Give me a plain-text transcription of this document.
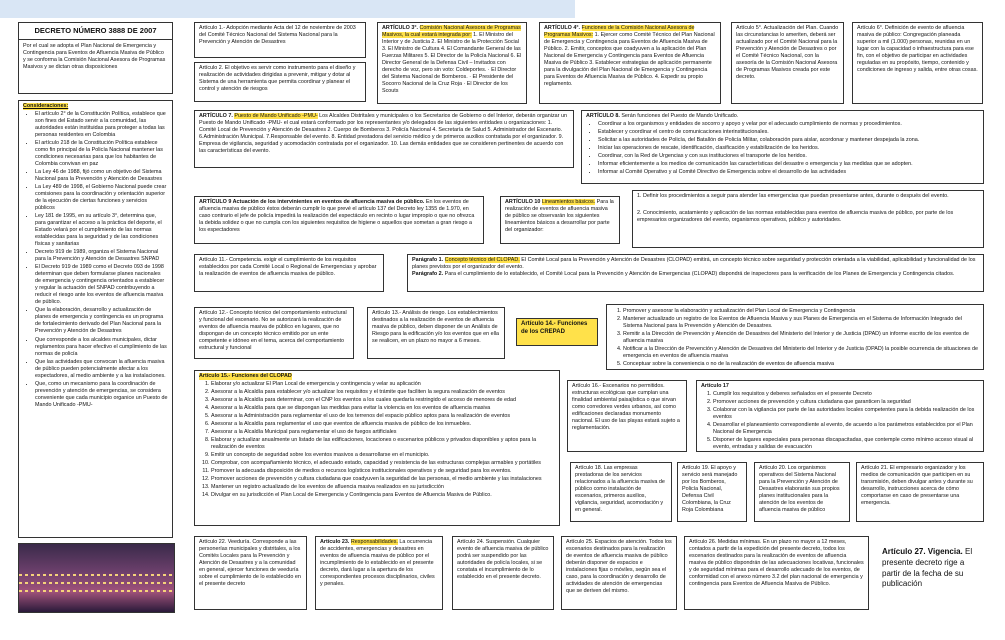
DECRETO NÚMERO 3888 DE 2007
Por el cual se adopta el Plan Nacional de Emergencia y Contingencia para Eventos de Afluencia Masiva de Público y se conforma la Comisión Nacional Asesora de Programas Masivos y se dictan otras disposiciones
Consideraciones:
• El artículo 2° de la Constitución Política, establece que son fines del Estado servir a la comunidad, las autoridades están instituidas para proteger a todas las personas residentes en Colombia
• El artículo 218 de la Constitución Política establece como fin principal de la Policía Nacional mantener las condiciones necesarias para que los habitantes de Colombia convivan en paz
• La Ley 46 de 1988, fijó como un objetivo del Sistema Nacional para la Prevención y Atención de Desastres
• La Ley 489 de 1998, el Gobierno Nacional puede crear comisiones para la coordinación y orientación superior de la ejecución de ciertas funciones y servicios públicos
• Ley 181 de 1995, en su artículo 3°, determina que, para garantizar el acceso a la práctica del deporte, el Estado velará por el cumplimiento de las normas establecidas para la seguridad y de las condiciones físicas y sanitarias
• Decreto 919 de 1989, organiza el Sistema Nacional para la Prevención y Atención de Desastres SNPAD
• El Decreto 919 de 1989 como el Decreto 093 de 1998 determinan que deben formularse planes nacionales de emergencia y contingencia orientados a establecer y regular la actuación del SNPAD contribuyendo a reducir el riesgo ante los eventos de afluencia masiva de público.
• Que la elaboración, desarrollo y actualización de planes de emergencia y contingencia es un programa de fortalecimiento derivado del Plan Nacional para la Prevención y Atención de Desastres
• Que corresponde a los alcaldes municipales, dictar reglamentos para hacer efectivo el cumplimiento de las normas de policía
• Que las actividades que convocan la afluencia masiva de público pueden potencialmente afectar a los espectadores, al medio ambiente y a las instalaciones.
• Que, como un mecanismo para la coordinación de prevención y atención de emergencias, se considera conveniente que cada municipio organice un Puesto de Mando Unificado -PMU-
Artículo 1.- Adopción mediante Acta del 12 de noviembre de 2003 del Comité Técnico Nacional del Sistema Nacional para la Prevención y Atención de Desastres
Artículo 2. El objetivo es servir como instrumento para el diseño y realización de actividades dirigidas a prevenir, mitigar y dotar al Sistema de una herramienta que permita coordinar y planear el control y atención de riesgos
ARTÍCULO 3°. Comisión Nacional Asesora de Programas Masivos, la cual estará integrada por: 1. El Ministro del Interior y de Justicia 2. El Ministro de la Protección Social 3. El Ministro de Cultura 4. El Comandante General de las Fuerzas Militares 5. El Director de la Policía Nacional 6. El Director General de la Defensa Civil – Invitados con derecho de voz, pero sin voto: Coldeportes. · El Director del Sistema Nacional de Bomberos. · El Presidente del Socorro Nacional de la Cruz Roja · El Director de los Scouts
ARTÍCULO 4°. Funciones de la Comisión Nacional Asesora de Programas Masivos: 1. Ejercer como Comité Técnico del Plan Nacional de Emergencia y Contingencia para Eventos de Afluencia Masiva de Público. 2. Emitir, conceptos que coadyuven a la aplicación del Plan Nacional de Emergencia y Contingencia para Eventos de Afluencia Masiva de Público 3. Establecer estrategias de aplicación permanente para la divulgación del Plan Nacional de Emergencia y Contingencia para Eventos de Afluencia Masiva de Público. 4. Expedir su propio reglamento.
Artículo 5°. Actualización del Plan. Cuando las circunstancias lo ameriten, deberá ser actualizado por el Comité Nacional para la Prevención y Atención de Desastres o por el Comité Técnico Nacional, con la asesoría de la Comisión Nacional Asesora de Programas Masivos creada por este decreto.
Artículo 6°. Definición de evento de afluencia masiva de público: Congregación planeada superior a mil (1.000) personas, reunidas en un lugar con la capacidad o infraestructura para ese fin, con el objetivo de participar en actividades reguladas en su propósito, tiempo, contenido y condiciones de ingreso y salida, entre otras cosas.
ARTÍCULO 7. Puesto de Mando Unificado -PMU- Los Alcaldes Distritales y municipales o los Secretarios de Gobierno o del Interior, deberán organizar un Puesto de Mando Unificado -PMU- el cual estará conformado por los representantes y/o delegados de las siguientes entidades u organizaciones: 1. Comité Local de Prevención y Atención de Desastres 2. Cuerpo de Bomberos 3. Policía Nacional 4. Secretaría de Salud 5. Administrador del Escenario. 6.Administración Municipal. 7.Responsable del evento. 8. Entidad prestadora del servicio médico y de primeros auxilios contratada por el organizador. 9. Empresa de vigilancia, seguridad y acomodación contratada por el organizador. 10. Las demás entidades que se consideren pertinentes de acuerdo con las características del evento.
ARTÍCULO 8. Serán funciones del Puesto de Mando Unificado.
• Coordinar a los organismos y entidades de socorro y apoyo y velar por el adecuado cumplimiento de normas y procedimientos.
• Establecer y coordinar el centro de comunicaciones interinstitucionales.
• Solicitar a las autoridades de Policía, del Batallón de Policía Militar, colaboración para aislar, acordonar y mantener despejada la zona.
• Iniciar las operaciones de rescate, identificación, clasificación y estabilización de los heridos.
• Coordinar, con la Red de Urgencias y con sus instituciones el transporte de los heridos.
• Informar eficientemente a los medios de comunicación las características del desastre o emergencia y las medidas que se adopten.
• Informar al Comité Operativo y al Comité Directivo de Emergencia sobre el desarrollo de las actividades
ARTÍCULO 9 Actuación de los intervinientes en eventos de afluencia masiva de público. En los eventos de afluencia masiva de público éstos deberán cumplir lo que prevé el artículo 137 del Decreto ley 1355 de 1.970, en caso contrario el jefe de policía impedirá la realización del espectáculo en recinto o lugar impropio o que no ofrezca la debida solidez o que no cumpla con los siguientes requisitos de higiene o aquellos que sometan a gran riesgo a los espectadores
ARTÍCULO 10 Lineamientos básicos. Para la realización de eventos de afluencia masiva de público se observarán los siguientes lineamientos básicos a desarrollar por parte del organizador:
1. Definir los procedimientos a seguir para atender las emergencias que puedan presentarse antes, durante o después del evento.
2. Conocimiento, acatamiento y aplicación de las normas establecidas para eventos de afluencia masiva de público, por parte de los empresarios organizadores del evento, organismos operativos, público y autoridades.
Artículo 11.- Competencia. exigir el cumplimiento de los requisitos establecidos por cada Comité Local o Regional de Emergencias y aprobar la realización de eventos de afluencia masiva de público.
Parágrafo 1. Concepto técnico del CLOPAD. El Comité Local para la Prevención y Atención de Desastres (CLOPAD) emitirá, un concepto técnico sobre seguridad y protección orientada a la viabilidad, aplicabilidad y funcionalidad de los planes previstos por el organizador del evento.
Parágrafo 2. Para el cumplimiento de lo establecido, el Comité Local para la Prevención y Atención de Emergencias (CLOPAD) dispondrá de inspectores para la verificación de los Planes de Emergencia y Contingencia citados.
Artículo 12.- Concepto técnico del comportamiento estructural y funcional del escenario. No se autorizará la realización de eventos de afluencia masiva de público en lugares, que no dispongan de un concepto técnico emitido por un ente competente e idóneo en el tema, acerca del comportamiento estructural y funcional
Artículo 13.- Análisis de riesgo. Los establecimientos destinados a la realización de eventos de afluencia masiva de público, deben disponer de un Análisis de Riesgo para la edificación y/o los eventos que en ella se realicen, en un plazo no mayor a 6 meses.
Artículo 14.- Funciones de los CREPAD
1. Promover y asesorar la elaboración y actualización del Plan Local de Emergencia y Contingencia
2. Mantener actualizado un registro de los Eventos de Afluencia Masiva y sus Planes de Emergencia en el Sistema de Información Integrado del Sistema Nacional para la Prevención y Atención de Desastres.
3. Remitir a la Dirección de Prevención y Atención de Desastres del Ministerio del Interior y de Justicia (DPAD) un informe escrito de los eventos de afluencia masiva
4. Notificar a la Dirección de Prevención y Atención de Desastres del Ministerio del Interior y de Justicia (DPAD) la posible ocurrencia de situaciones de emergencia en eventos de afluencia masiva
5. Conceptuar sobre la conveniencia o no de la realización de eventos de afluencia masiva
Artículo 15.- Funciones del CLOPAD
1. Elaborar y/o actualizar El Plan Local de emergencia y contingencia y velar su aplicación
2. Asesorar a la Alcaldía para establecer y/o actualizar los requisitos y el trámite que faciliten la segura realización de eventos
3. Asesorar a la Alcaldía para determinar, con el CNP los eventos a los cuales quedaría restringido el acceso de menores de edad
4. Asesorar a la Alcaldía para que se dispongan las medidas para evitar la violencia en los eventos de afluencia masiva
5. Asesorar a la Administración para reglamentar el uso de los terrenos del espacio público aptos para la realización de eventos
6. Asesorar a la Alcaldía para reglamentar el uso que eventos de afluencia masiva de público de los inmuebles.
7. Asesorar a la Alcaldía Municipal para reglamentar el uso de fuegos artificiales
8. Elaborar y actualizar anualmente un listado de las edificaciones, locaciones o escenarios públicos y privados disponibles y aptos para la realización de eventos
9. Emitir un concepto de seguridad sobre los eventos masivos a desarrollarse en el municipio.
10. Comprobar, con acompañamiento técnico, el adecuado estado, capacidad y resistencia de las estructuras complejas armables y portátiles
11. Promover la adecuada disposición de medios o recursos logísticos institucionales operativos y de seguridad para los eventos.
12. Promover acciones de prevención y cultura ciudadana que coadyuven la seguridad de las personas, el medio ambiente y las instalaciones
13. Mantener un registro actualizado de los eventos de afluencia masiva realizados en su jurisdicción
14. Divulgar en su jurisdicción el Plan Local de Emergencia y Contingencia para Eventos de Afluencia Masiva de Público.
Artículo 16.- Escenarios no permitidos. estructuras ecológicas que cumplan una finalidad ambiental paisajística o que sirvan como corredores verdes urbanos, así como edificaciones declaradas monumento nacional. El uso de las playas estará sujeto a reglamentación.
Artículo 17
1. Cumplir los requisitos y deberes señalados en el presente Decreto
2. Promover acciones de prevención y cultura ciudadana que garanticen la seguridad
3. Colaborar con la vigilancia por parte de las autoridades locales competentes para la debida realización de los eventos
4. Desarrollar el planeamiento correspondiente al evento, de acuerdo a los parámetros establecidos por el Plan Nacional de Emergencia
5. Disponer de lugares especiales para personas discapacitadas, que contemple como mínimo acceso visual al evento, entradas y salidas de evacuación
Artículo 18. Las empresas prestadoras de los servicios relacionados a la afluencia masiva de público como instalación de escenarios, primeros auxilios, vigilancia, seguridad, acomodación y en general.
Artículo 19. El apoyo y servicio será manejado por los Bomberos, Policía Nacional, Defensa Civil Colombiana, la Cruz Roja Colombiana
Artículo 20. Los organismos operativos del Sistema Nacional para la Prevención y Atención de Desastres elaborarán sus propios planes institucionales para la atención de los eventos de afluencia masiva de público
Artículo 21. El empresario organizador y los medios de comunicación que participen en su transmisión, deben divulgar antes y durante su desarrollo, instrucciones acerca de cómo comportarse en caso de presentarse una emergencia.
Artículo 22. Veeduría. Corresponde a las personerías municipales y distritales, a los Comités Locales para la Prevención y Atención de Desastres y a la comunidad en general, ejercer funciones de veeduría sobre el cumplimiento de lo establecido en el presente decreto
Artículo 23. Responsabilidades. La ocurrencia de accidentes, emergencias y desastres en eventos de afluencia masiva de público por el incumplimiento de lo establecido en el presente decreto, dará lugar a la apertura de los correspondientes procesos disciplinarios, civiles y penales.
Artículo 24. Suspensión. Cualquier evento de afluencia masiva de público podrá ser suspendido por las autoridades de policía locales, si se constata el incumplimiento de lo establecido en el presente decreto.
Artículo 25. Espacios de atención. Todos los escenarios destinados para la realización de eventos de afluencia masiva de público deberán disponer de espacios e instalaciones fijas o móviles, según sea el caso, para la coordinación y desarrollo de actividades de atención de emergencias que se deriven del mismo.
Artículo 26. Medidas mínimas. En un plazo no mayor a 12 meses, contados a partir de la expedición del presente decreto, todos los escenarios destinados para la realización de eventos de afluencia masiva de público dispondrán de las adecuaciones locativas, funcionales y de seguridad mínimas para el desarrollo adecuado de los eventos, de conformidad con el anexo número 3.2 del plan nacional de emergencia y contingencia para Eventos de Afluencia Masiva de Público.
Artículo 27. Vigencia. El presente decreto rige a partir de la fecha de su publicación
